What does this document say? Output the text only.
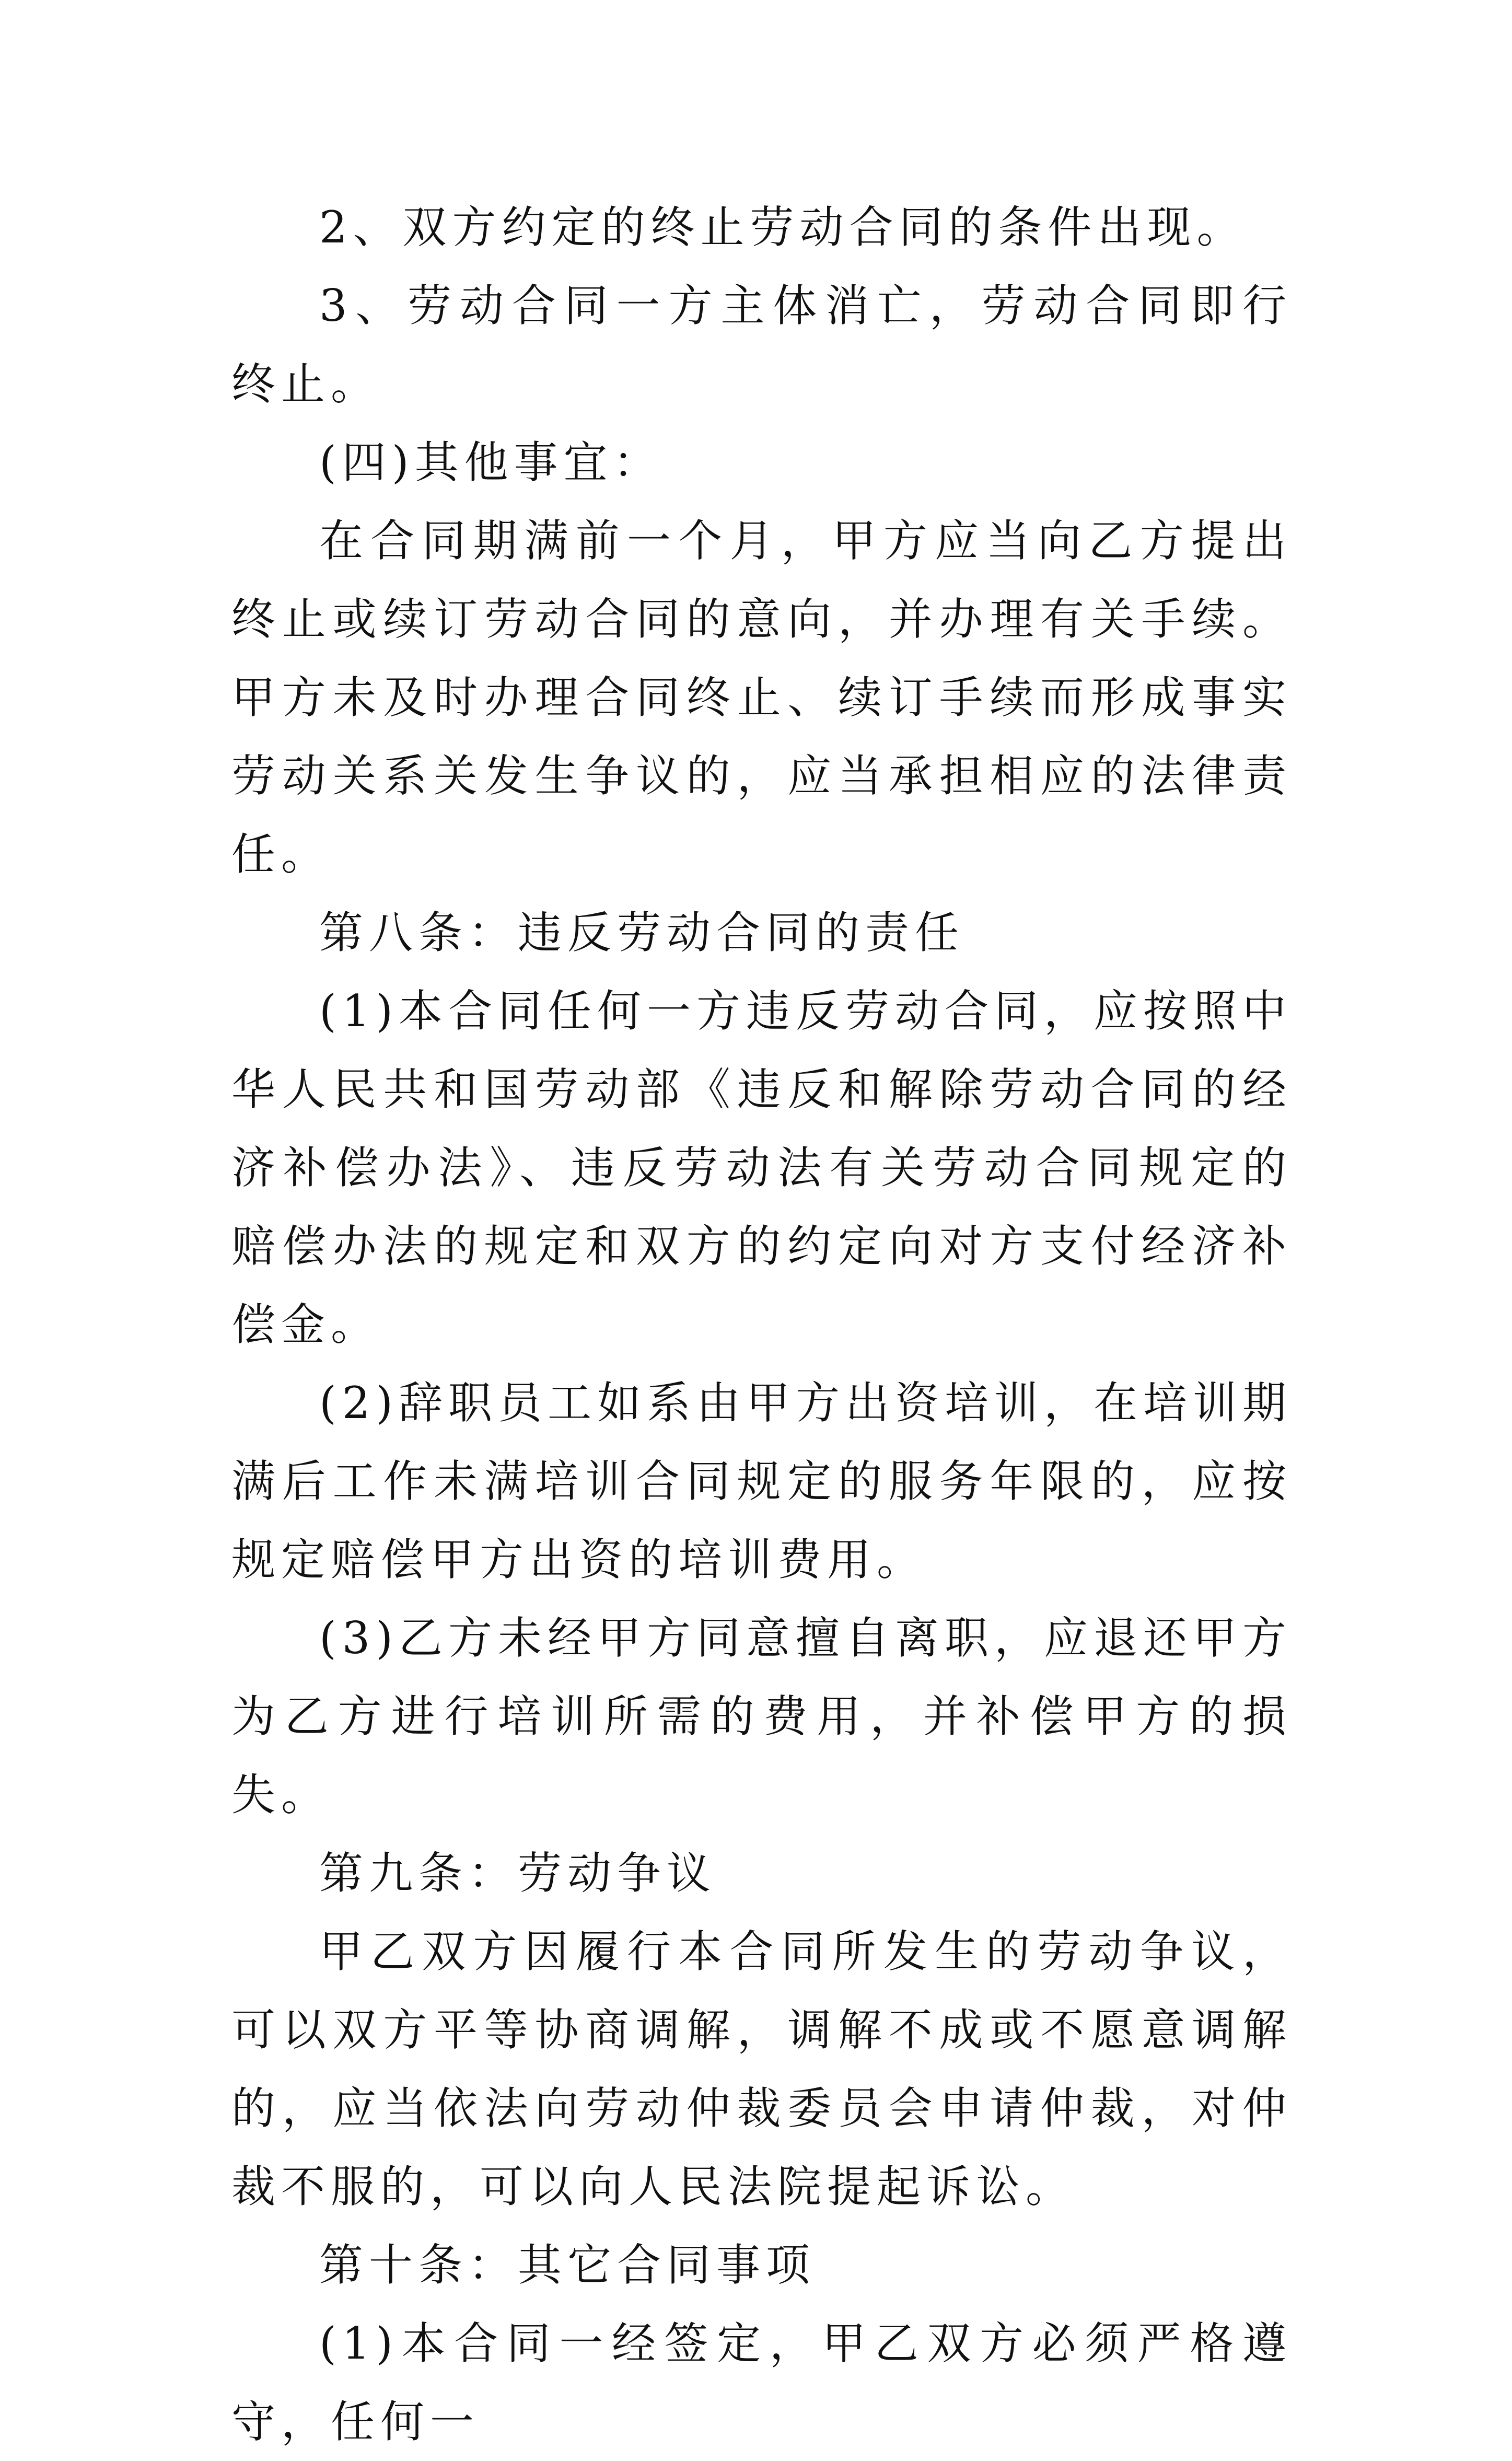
2、双方约定的终止劳动合同的条件出现。

3、劳动合同一方主体消亡，劳动合同即行终止。

(四)其他事宜：

在合同期满前一个月，甲方应当向乙方提出终止或续订劳动合同的意向，并办理有关手续。甲方未及时办理合同终止、续订手续而形成事实劳动关系关发生争议的，应当承担相应的法律责任。

第八条：违反劳动合同的责任

(1)本合同任何一方违反劳动合同，应按照中华人民共和国劳动部《违反和解除劳动合同的经济补偿办法》、违反劳动法有关劳动合同规定的赔偿办法的规定和双方的约定向对方支付经济补偿金。

(2)辞职员工如系由甲方出资培训，在培训期满后工作未满培训合同规定的服务年限的，应按规定赔偿甲方出资的培训费用。

(3)乙方未经甲方同意擅自离职，应退还甲方为乙方进行培训所需的费用，并补偿甲方的损失。

第九条：劳动争议

甲乙双方因履行本合同所发生的劳动争议，可以双方平等协商调解，调解不成或不愿意调解的，应当依法向劳动仲裁委员会申请仲裁，对仲裁不服的，可以向人民法院提起诉讼。

第十条：其它合同事项

(1)本合同一经签定，甲乙双方必须严格遵守，任何一
